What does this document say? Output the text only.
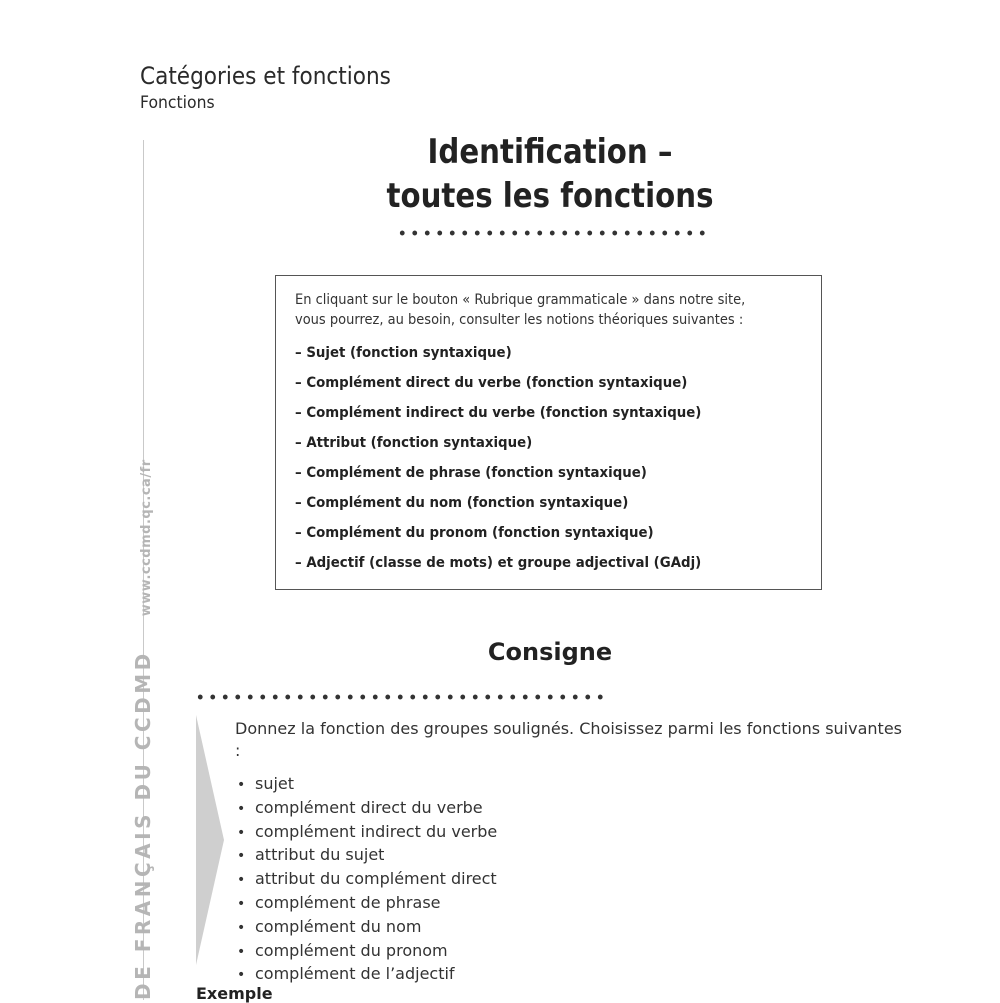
Catégories et fonctions
Fonctions
DE FRANÇAIS DU CCDMD
www.ccdmd.qc.ca/fr
Identification –
toutes les fonctions
En cliquant sur le bouton « Rubrique grammaticale » dans notre site,
vous pourrez, au besoin, consulter les notions théoriques suivantes :
– Sujet (fonction syntaxique)
– Complément direct du verbe (fonction syntaxique)
– Complément indirect du verbe (fonction syntaxique)
– Attribut (fonction syntaxique)
– Complément de phrase (fonction syntaxique)
– Complément du nom (fonction syntaxique)
– Complément du pronom (fonction syntaxique)
– Adjectif (classe de mots) et groupe adjectival (GAdj)
Consigne
Donnez la fonction des groupes soulignés. Choisissez parmi les fonctions suivantes :
• sujet
• complément direct du verbe
• complément indirect du verbe
• attribut du sujet
• attribut du complément direct
• complément de phrase
• complément du nom
• complément du pronom
• complément de l’adjectif
Exemple
